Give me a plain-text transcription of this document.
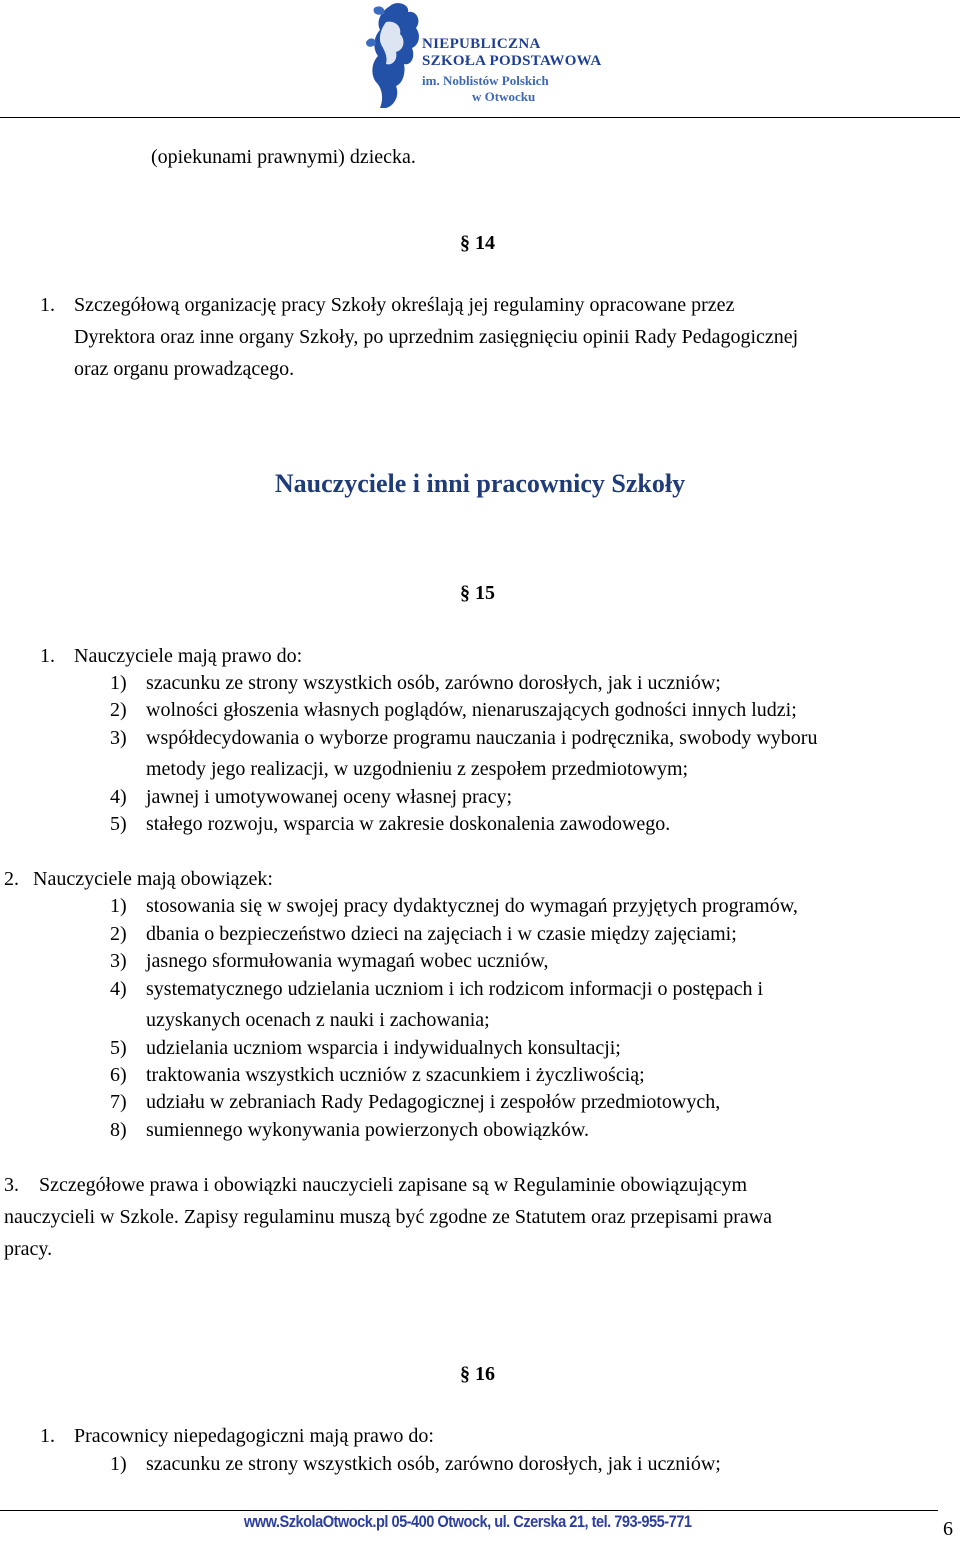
NIEPUBLICZNA
SZKOŁA PODSTAWOWA
im. Noblistów Polskich
w Otwocku
(opiekunami prawnymi) dziecka.
§ 14
1. Szczegółową organizację pracy Szkoły określają jej regulaminy opracowane przez
Dyrektora oraz inne organy Szkoły, po uprzednim zasięgnięciu opinii Rady Pedagogicznej
oraz organu prowadzącego.
Nauczyciele i inni pracownicy Szkoły
§ 15
1. Nauczyciele mają prawo do:
1) szacunku ze strony wszystkich osób, zarówno dorosłych, jak i uczniów;
2) wolności głoszenia własnych poglądów, nienaruszających godności innych ludzi;
3) współdecydowania o wyborze programu nauczania i podręcznika, swobody wyboru
metody jego realizacji, w uzgodnieniu z zespołem przedmiotowym;
4) jawnej i umotywowanej oceny własnej pracy;
5) stałego rozwoju, wsparcia w zakresie doskonalenia zawodowego.
2. Nauczyciele mają obowiązek:
1) stosowania się w swojej pracy dydaktycznej do wymagań przyjętych programów,
2) dbania o bezpieczeństwo dzieci na zajęciach i w czasie między zajęciami;
3) jasnego sformułowania wymagań wobec uczniów,
4) systematycznego udzielania uczniom i ich rodzicom informacji o postępach i
uzyskanych ocenach z nauki i zachowania;
5) udzielania uczniom wsparcia i indywidualnych konsultacji;
6) traktowania wszystkich uczniów z szacunkiem i życzliwością;
7) udziału w zebraniach Rady Pedagogicznej i zespołów przedmiotowych,
8) sumiennego wykonywania powierzonych obowiązków.
3. Szczegółowe prawa i obowiązki nauczycieli zapisane są w Regulaminie obowiązującym
nauczycieli w Szkole. Zapisy regulaminu muszą być zgodne ze Statutem oraz przepisami prawa
pracy.
§ 16
1. Pracownicy niepedagogiczni mają prawo do:
1) szacunku ze strony wszystkich osób, zarówno dorosłych, jak i uczniów;
www.SzkolaOtwock.pl 05-400 Otwock, ul. Czerska 21, tel. 793-955-771	6
